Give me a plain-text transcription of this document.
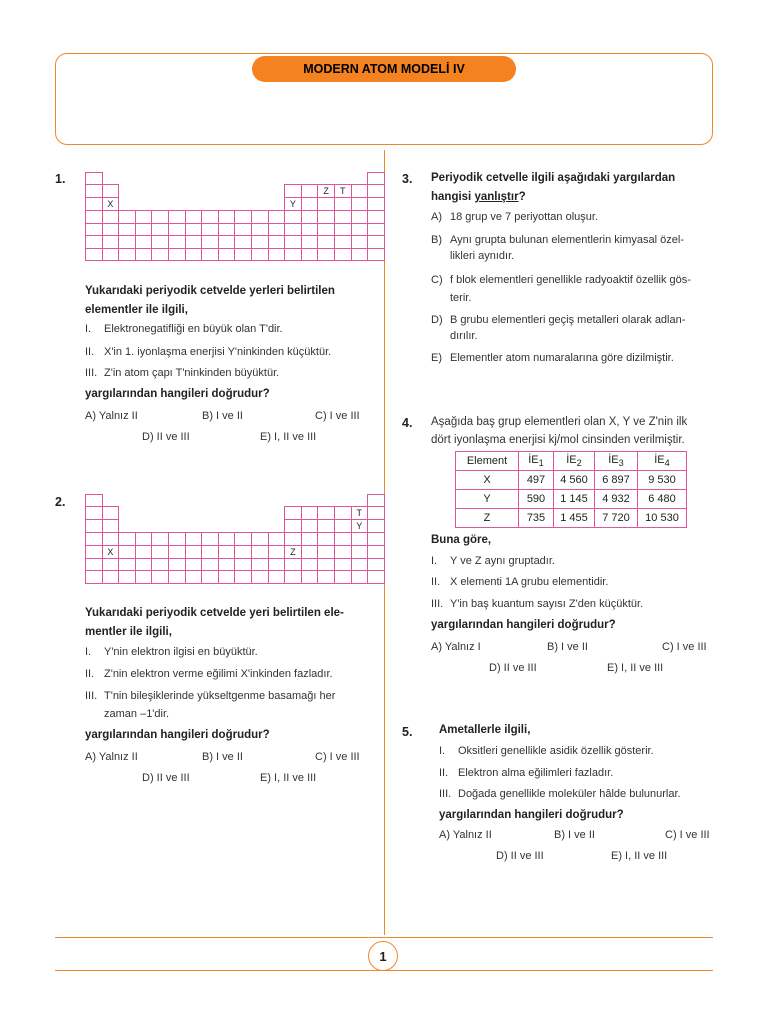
MODERN ATOM MODELİ IV
1.

														Z	T		
	X											Y					

Yukarıdaki periyodik cetvelde yerleri belirtilen
elementler ile ilgili,
I. Elektronegatifliği en büyük olan T'dir.
II. X'in 1. iyonlaşma enerjisi Y'ninkinden küçüktür.
III. Z'in atom çapı T'ninkinden büyüktür.
yargılarından hangileri doğrudur?
A) Yalnız II	B) I ve II	C) I ve III
D) II ve III	E) I, II ve III
2.

																T	
																Y	

	X											Z					

Yukarıdaki periyodik cetvelde yeri belirtilen ele-
mentler ile ilgili,
I. Y'nin elektron ilgisi en büyüktür.
II. Z'nin elektron verme eğilimi X'inkinden fazladır.
III. T'nin bileşiklerinde yükseltgenme basamağı her
zaman –1'dir.
yargılarından hangileri doğrudur?
A) Yalnız II	B) I ve II	C) I ve III
D) II ve III	E) I, II ve III
3. Periyodik cetvelle ilgili aşağıdaki yargılardan
hangisi yanlıştır?
A) 18 grup ve 7 periyottan oluşur.
B) Aynı grupta bulunan elementlerin kimyasal özel-
likleri aynıdır.
C) f blok elementleri genellikle radyoaktif özellik gös-
terir.
D) B grubu elementleri geçiş metalleri olarak adlan-
dırılır.
E) Elementler atom numaralarına göre dizilmiştir.
4. Aşağıda baş grup elementleri olan X, Y ve Z'nin ilk
dört iyonlaşma enerjisi kj/mol cinsinden verilmiştir.
Element	$İE_1$	$İE_2$	$İE_3$	$İE_4$
X	497	4 560	6 897	9 530
Y	590	1 145	4 932	6 480
Z	735	1 455	7 720	10 530
Buna göre,
I. Y ve Z aynı gruptadır.
II. X elementi 1A grubu elementidir.
III. Y'in baş kuantum sayısı Z'den küçüktür.
yargılarından hangileri doğrudur?
A) Yalnız I	B) I ve II	C) I ve III
D) II ve III	E) I, II ve III
5. Ametallerle ilgili,
I. Oksitleri genellikle asidik özellik gösterir.
II. Elektron alma eğilimleri fazladır.
III. Doğada genellikle moleküler hâlde bulunurlar.
yargılarından hangileri doğrudur?
A) Yalnız II	B) I ve II	C) I ve III
D) II ve III	E) I, II ve III
1
